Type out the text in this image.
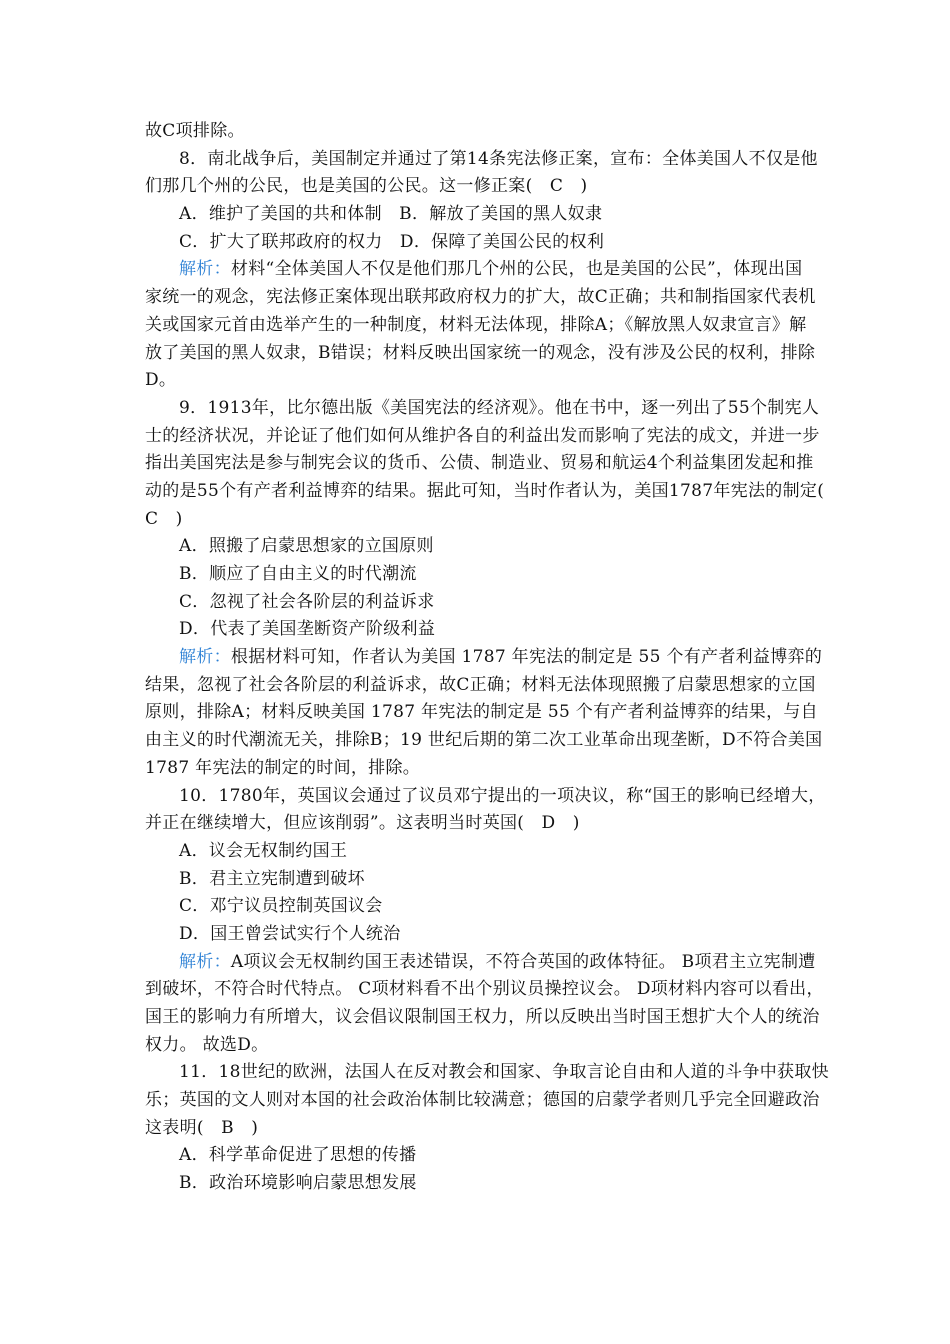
故C项排除。
8．南北战争后，美国制定并通过了第14条宪法修正案，宣布：全体美国人不仅是他
们那几个州的公民，也是美国的公民。这一修正案(　C　)
A．维护了美国的共和体制　B．解放了美国的黑人奴隶
C．扩大了联邦政府的权力　D．保障了美国公民的权利
解析：材料“全体美国人不仅是他们那几个州的公民，也是美国的公民”，体现出国
家统一的观念，宪法修正案体现出联邦政府权力的扩大，故C正确；共和制指国家代表机
关或国家元首由选举产生的一种制度，材料无法体现，排除A；《解放黑人奴隶宣言》解
放了美国的黑人奴隶，B错误；材料反映出国家统一的观念，没有涉及公民的权利，排除
D。
9．1913年，比尔德出版《美国宪法的经济观》。他在书中，逐一列出了55个制宪人
士的经济状况，并论证了他们如何从维护各自的利益出发而影响了宪法的成文，并进一步
指出美国宪法是参与制宪会议的货币、公债、制造业、贸易和航运4个利益集团发起和推
动的是55个有产者利益博弈的结果。据此可知，当时作者认为，美国1787年宪法的制定(
C　)
A．照搬了启蒙思想家的立国原则
B．顺应了自由主义的时代潮流
C．忽视了社会各阶层的利益诉求
D．代表了美国垄断资产阶级利益
解析：根据材料可知，作者认为美国 1787 年宪法的制定是 55 个有产者利益博弈的
结果，忽视了社会各阶层的利益诉求，故C正确；材料无法体现照搬了启蒙思想家的立国
原则，排除A；材料反映美国 1787 年宪法的制定是 55 个有产者利益博弈的结果，与自
由主义的时代潮流无关，排除B；19 世纪后期的第二次工业革命出现垄断，D不符合美国
1787 年宪法的制定的时间，排除。
10．1780年，英国议会通过了议员邓宁提出的一项决议，称“国王的影响已经增大，
并正在继续增大，但应该削弱”。这表明当时英国(　D　)
A．议会无权制约国王
B．君主立宪制遭到破坏
C．邓宁议员控制英国议会
D．国王曾尝试实行个人统治
解析：A项议会无权制约国王表述错误，不符合英国的政体特征。 B项君主立宪制遭
到破坏，不符合时代特点。 C项材料看不出个别议员操控议会。 D项材料内容可以看出，
国王的影响力有所增大，议会倡议限制国王权力，所以反映出当时国王想扩大个人的统治
权力。 故选D。
11．18世纪的欧洲，法国人在反对教会和国家、争取言论自由和人道的斗争中获取快
乐；英国的文人则对本国的社会政治体制比较满意；德国的启蒙学者则几乎完全回避政治
这表明(　B　)
A．科学革命促进了思想的传播
B．政治环境影响启蒙思想发展
